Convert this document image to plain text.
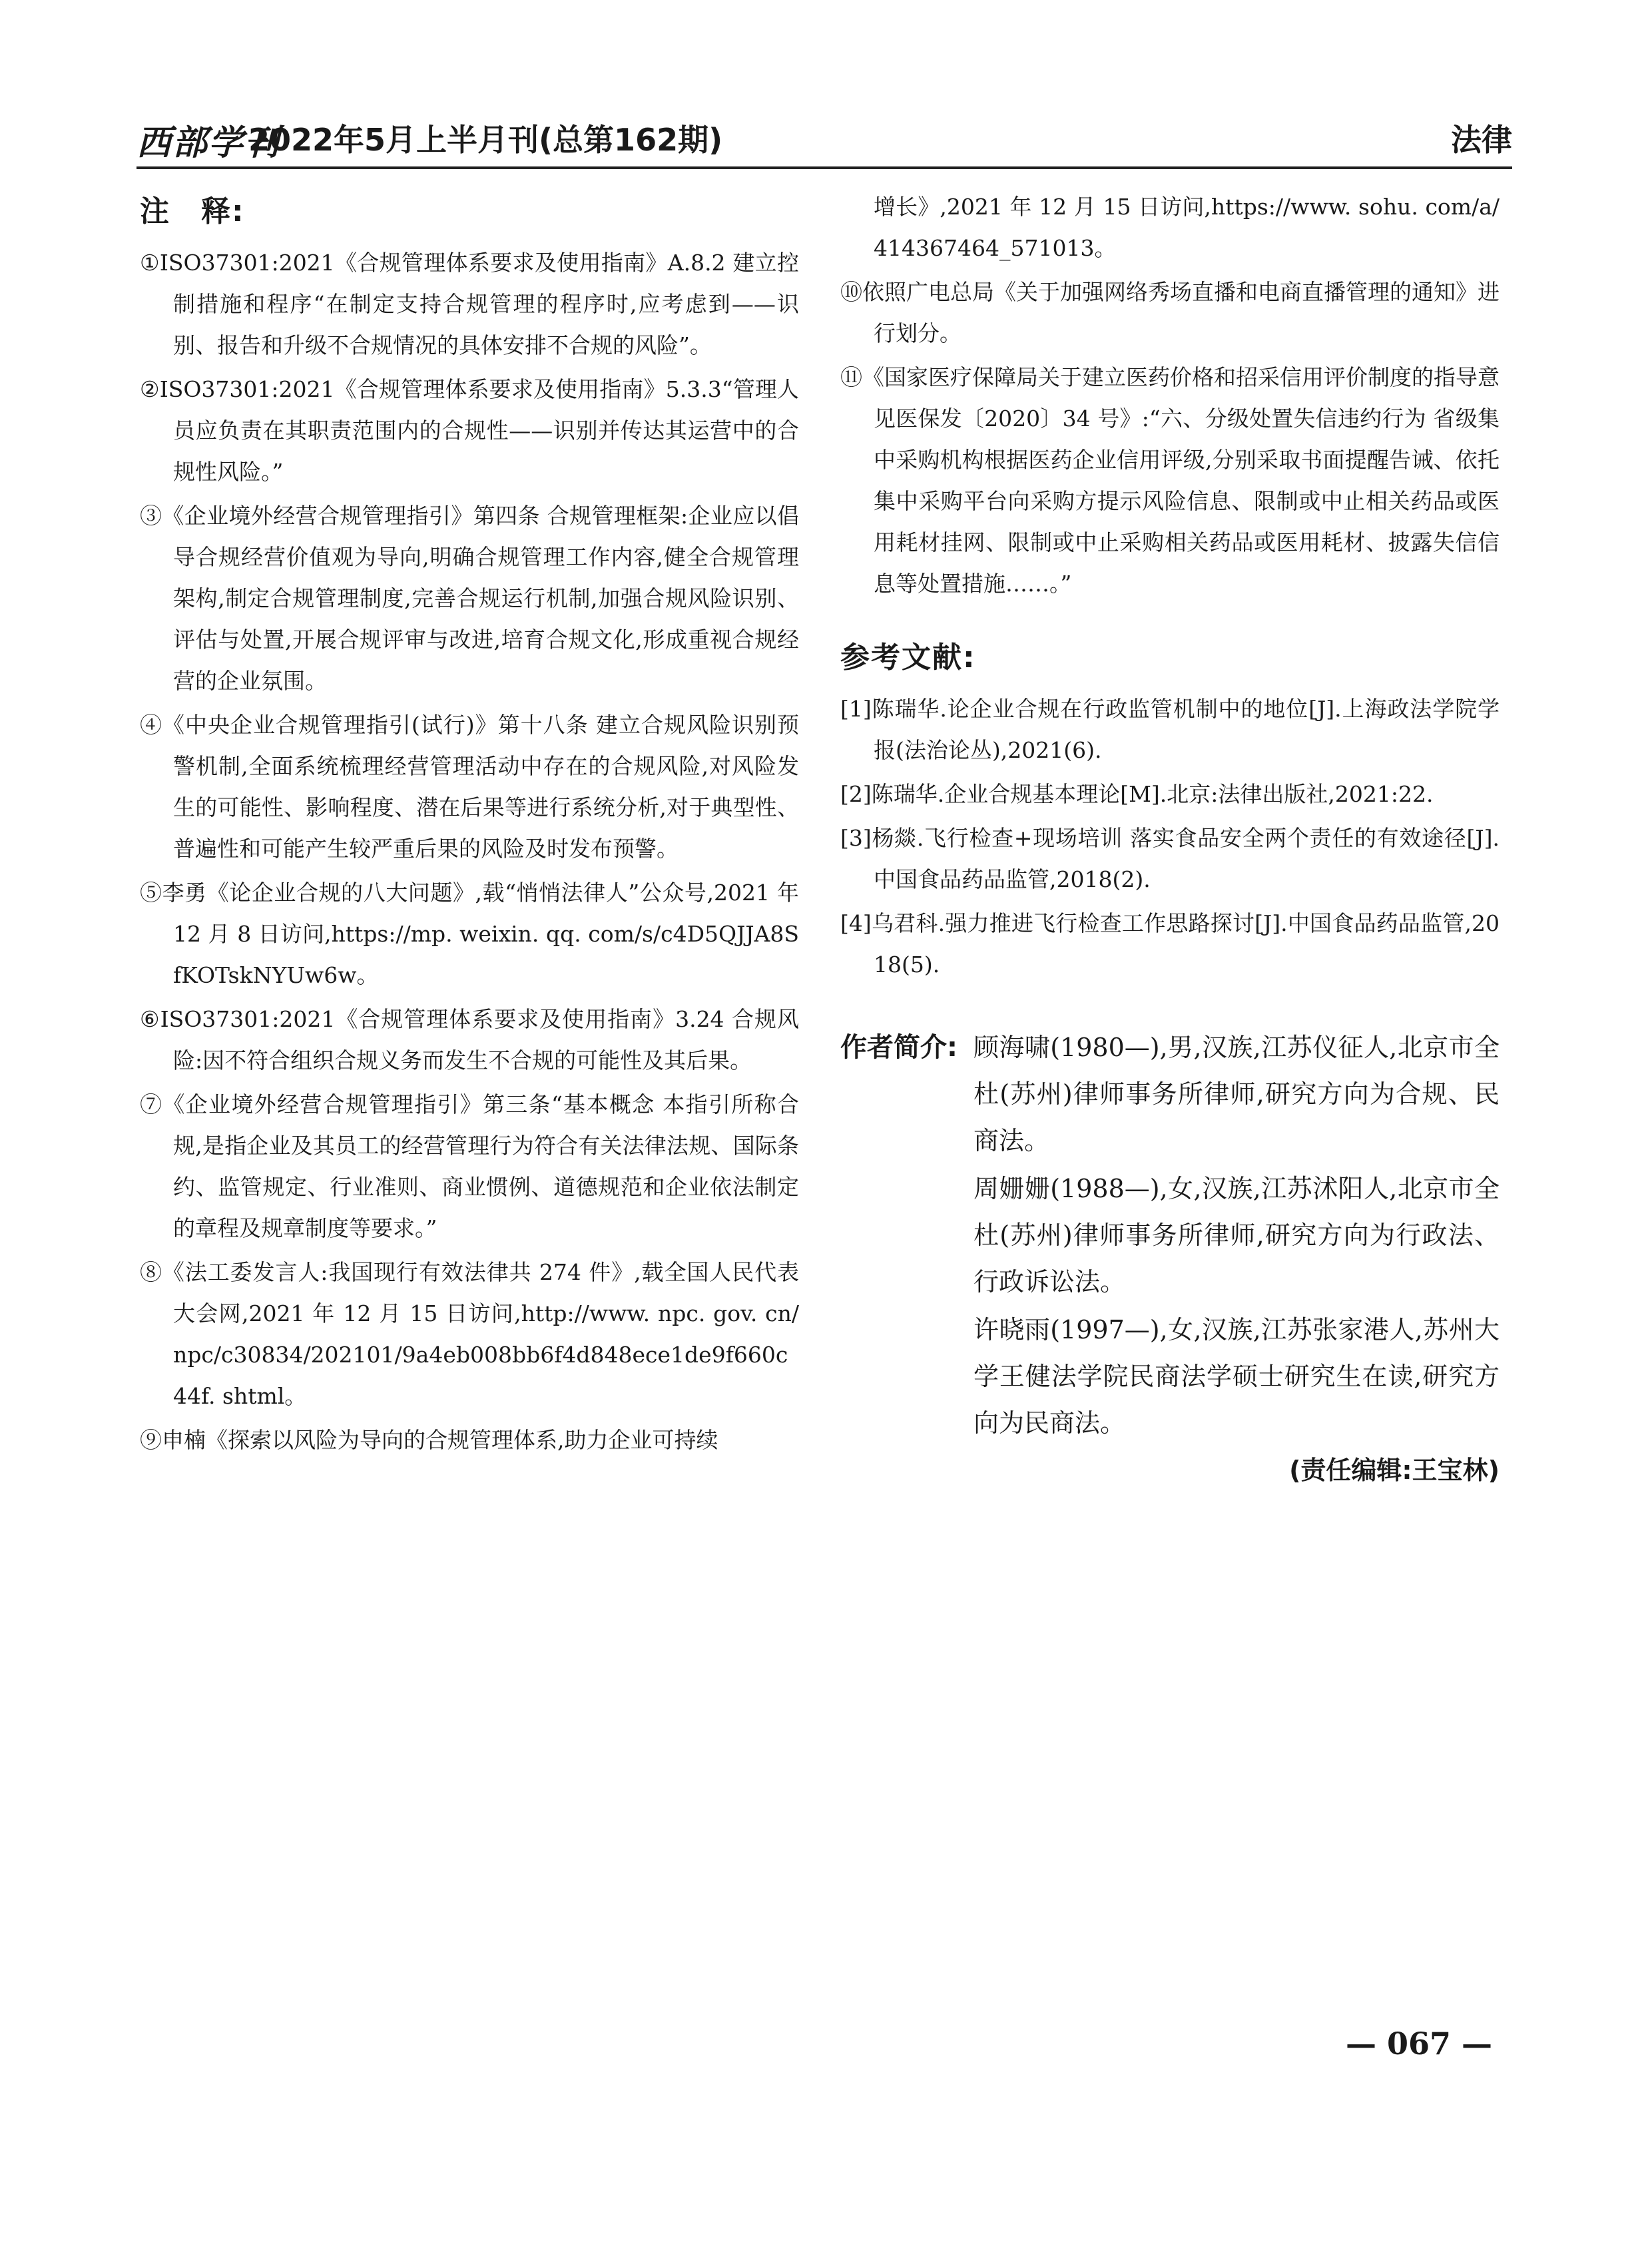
西部学刊
2022年5月上半月刊(总第162期)	法律
注　释:

①ISO37301:2021《合规管理体系要求及使用指南》A.8.2 建立控制措施和程序“在制定支持合规管理的程序时,应考虑到——识别、报告和升级不合规情况的具体安排不合规的风险”。

②ISO37301:2021《合规管理体系要求及使用指南》5.3.3“管理人员应负责在其职责范围内的合规性——识别并传达其运营中的合规性风险。”

③《企业境外经营合规管理指引》第四条 合规管理框架:企业应以倡导合规经营价值观为导向,明确合规管理工作内容,健全合规管理架构,制定合规管理制度,完善合规运行机制,加强合规风险识别、评估与处置,开展合规评审与改进,培育合规文化,形成重视合规经营的企业氛围。

④《中央企业合规管理指引(试行)》第十八条 建立合规风险识别预警机制,全面系统梳理经营管理活动中存在的合规风险,对风险发生的可能性、影响程度、潜在后果等进行系统分析,对于典型性、普遍性和可能产生较严重后果的风险及时发布预警。

⑤李勇《论企业合规的八大问题》,载“悄悄法律人”公众号,2021 年 12 月 8 日访问,https://mp. weixin. qq. com/s/c4D5QJJA8SfKOTskNYUw6w。

⑥ISO37301:2021《合规管理体系要求及使用指南》3.24 合规风险:因不符合组织合规义务而发生不合规的可能性及其后果。

⑦《企业境外经营合规管理指引》第三条“基本概念 本指引所称合规,是指企业及其员工的经营管理行为符合有关法律法规、国际条约、监管规定、行业准则、商业惯例、道德规范和企业依法制定的章程及规章制度等要求。”

⑧《法工委发言人:我国现行有效法律共 274 件》,载全国人民代表大会网,2021 年 12 月 15 日访问,http://www. npc. gov. cn/npc/c30834/202101/9a4eb008bb6f4d848ece1de9f660c44f. shtml。

⑨申楠《探索以风险为导向的合规管理体系,助力企业可持续

增长》,2021 年 12 月 15 日访问,https://www. sohu. com/a/414367464_571013。

⑩依照广电总局《关于加强网络秀场直播和电商直播管理的通知》进行划分。

⑪《国家医疗保障局关于建立医药价格和招采信用评价制度的指导意见医保发〔2020〕34 号》:“六、分级处置失信违约行为 省级集中采购机构根据医药企业信用评级,分别采取书面提醒告诫、依托集中采购平台向采购方提示风险信息、限制或中止相关药品或医用耗材挂网、限制或中止采购相关药品或医用耗材、披露失信信息等处置措施……。”

参考文献:

[1]陈瑞华.论企业合规在行政监管机制中的地位[J].上海政法学院学报(法治论丛),2021(6).

[2]陈瑞华.企业合规基本理论[M].北京:法律出版社,2021:22.

[3]杨燚.飞行检查+现场培训 落实食品安全两个责任的有效途径[J].中国食品药品监管,2018(2).

[4]乌君科.强力推进飞行检查工作思路探讨[J].中国食品药品监管,2018(5).

作者简介: 顾海啸(1980—),男,汉族,江苏仪征人,北京市全杜(苏州)律师事务所律师,研究方向为合规、民商法。

周姗姗(1988—),女,汉族,江苏沭阳人,北京市全杜(苏州)律师事务所律师,研究方向为行政法、行政诉讼法。

许晓雨(1997—),女,汉族,江苏张家港人,苏州大学王健法学院民商法学硕士研究生在读,研究方向为民商法。

(责任编辑:王宝林)
— 067 —
